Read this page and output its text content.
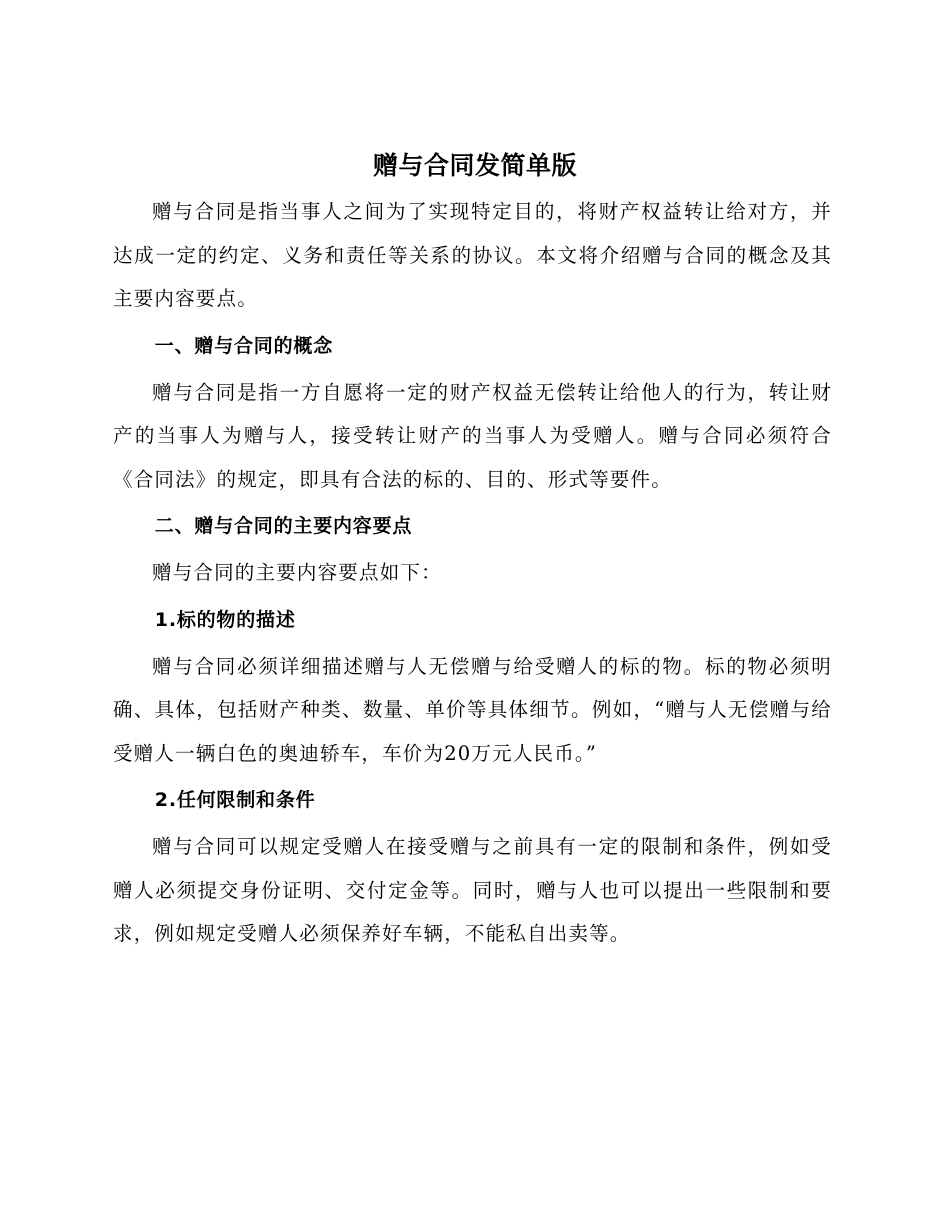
赠与合同发简单版

赠与合同是指当事人之间为了实现特定目的，将财产权益转让给对方，并达成一定的约定、义务和责任等关系的协议。本文将介绍赠与合同的概念及其主要内容要点。

一、赠与合同的概念

赠与合同是指一方自愿将一定的财产权益无偿转让给他人的行为，转让财产的当事人为赠与人，接受转让财产的当事人为受赠人。赠与合同必须符合《合同法》的规定，即具有合法的标的、目的、形式等要件。

二、赠与合同的主要内容要点

赠与合同的主要内容要点如下：

1.标的物的描述

赠与合同必须详细描述赠与人无偿赠与给受赠人的标的物。标的物必须明确、具体，包括财产种类、数量、单价等具体细节。例如，“赠与人无偿赠与给受赠人一辆白色的奥迪轿车，车价为20万元人民币。”

2.任何限制和条件

赠与合同可以规定受赠人在接受赠与之前具有一定的限制和条件，例如受赠人必须提交身份证明、交付定金等。同时，赠与人也可以提出一些限制和要求，例如规定受赠人必须保养好车辆，不能私自出卖等。
